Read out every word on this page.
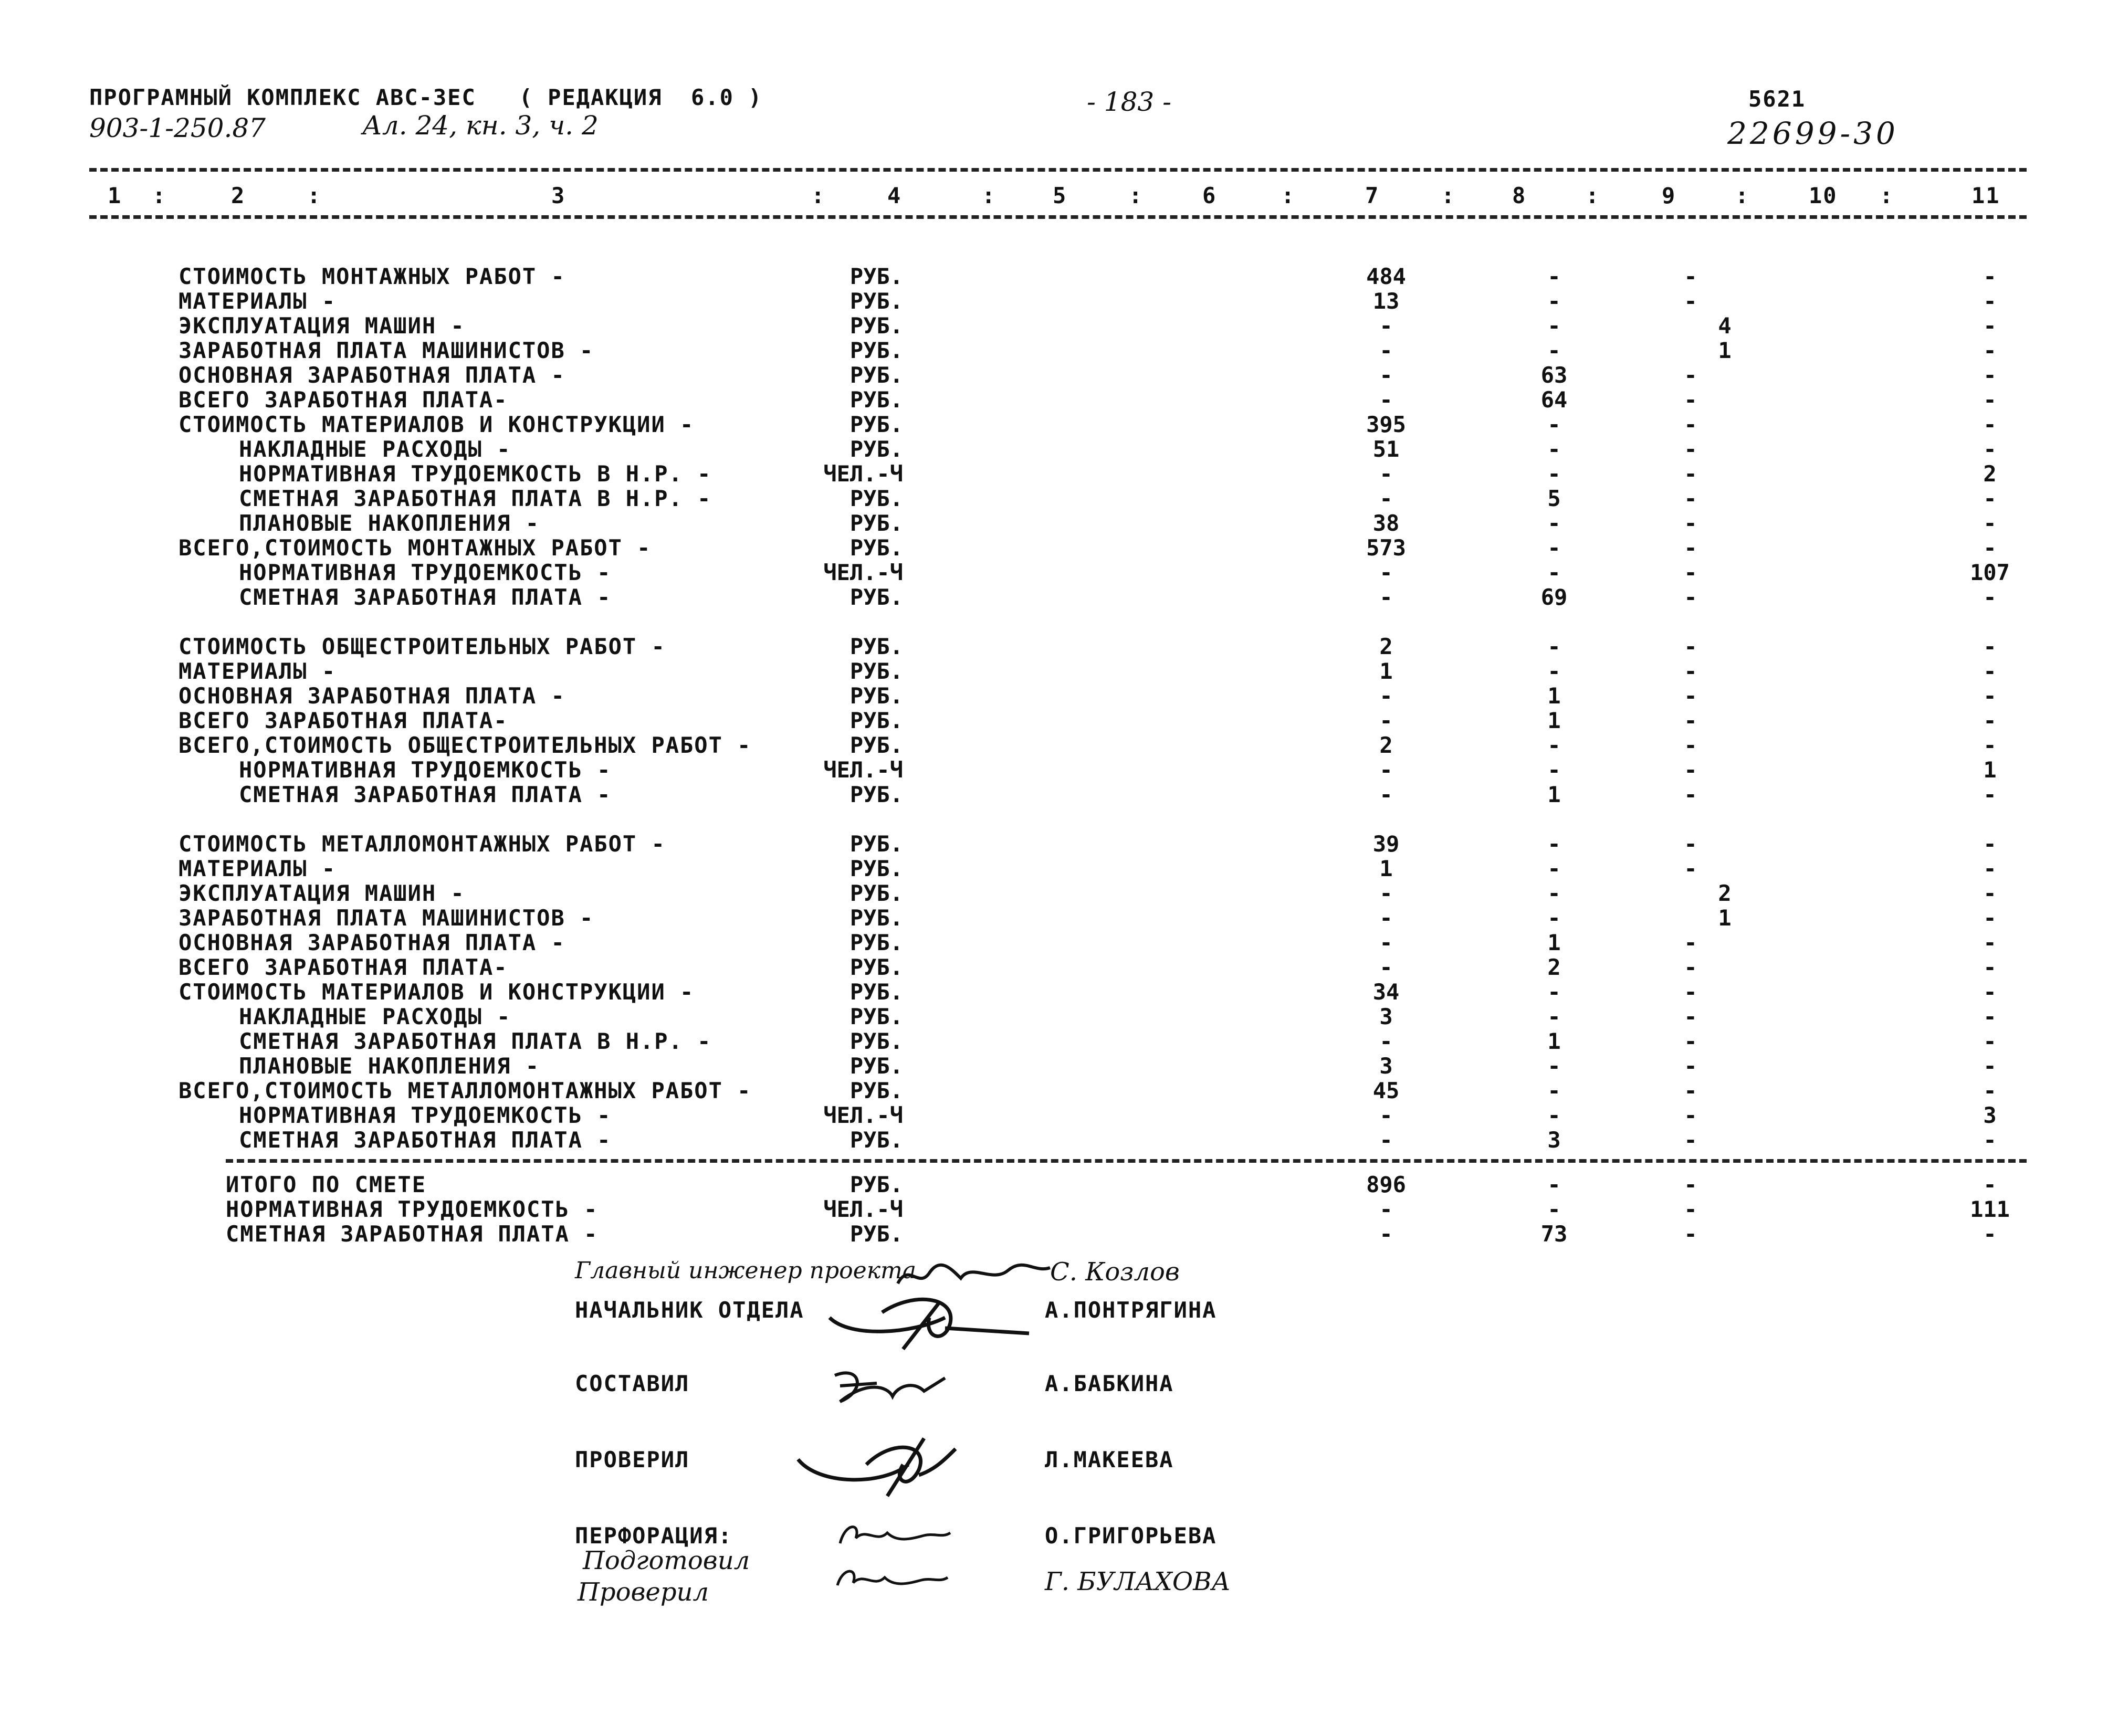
ПРОГРАМНЫЙ КОМПЛЕКС АВС-ЗЕС   ( РЕДАКЦИЯ  6.0 )
903-1-250.87	Ал. 24, кн. 3, ч. 2
- 183 -	5621
22699-30
1 :	2	:	3	:	4	:	5	:	6	:	7	:	8	:	9	:	10 :	11
СТОИМОСТЬ МОНТАЖНЫХ РАБОТ -	РУБ.	484	-	-	-
МАТЕРИАЛЫ -	РУБ.	13	-	-	-
ЭКСПЛУАТАЦИЯ МАШИН -	РУБ.	-	-	4	-
ЗАРАБОТНАЯ ПЛАТА МАШИНИСТОВ -	РУБ.	-	-	1	-
ОСНОВНАЯ ЗАРАБОТНАЯ ПЛАТА -	РУБ.	-	63	-	-
ВСЕГО ЗАРАБОТНАЯ ПЛАТА-	РУБ.	-	64	-	-
СТОИМОСТЬ МАТЕРИАЛОВ И КОНСТРУКЦИИ -	РУБ.	395	-	-	-
НАКЛАДНЫЕ РАСХОДЫ -	РУБ.	51	-	-	-
НОРМАТИВНАЯ ТРУДОЕМКОСТЬ В Н.Р. -	ЧЕЛ.-Ч	-	-	-	2
СМЕТНАЯ ЗАРАБОТНАЯ ПЛАТА В Н.Р. -	РУБ.	-	5	-	-
ПЛАНОВЫЕ НАКОПЛЕНИЯ -	РУБ.	38	-	-	-
ВСЕГО,СТОИМОСТЬ МОНТАЖНЫХ РАБОТ -	РУБ.	573	-	-	-
НОРМАТИВНАЯ ТРУДОЕМКОСТЬ -	ЧЕЛ.-Ч	-	-	-	107
СМЕТНАЯ ЗАРАБОТНАЯ ПЛАТА -	РУБ.	-	69	-	-
СТОИМОСТЬ ОБЩЕСТРОИТЕЛЬНЫХ РАБОТ -	РУБ.	2	-	-	-
МАТЕРИАЛЫ -	РУБ.	1	-	-	-
ОСНОВНАЯ ЗАРАБОТНАЯ ПЛАТА -	РУБ.	-	1	-	-
ВСЕГО ЗАРАБОТНАЯ ПЛАТА-	РУБ.	-	1	-	-
ВСЕГО,СТОИМОСТЬ ОБЩЕСТРОИТЕЛЬНЫХ РАБОТ -	РУБ.	2	-	-	-
НОРМАТИВНАЯ ТРУДОЕМКОСТЬ -	ЧЕЛ.-Ч	-	-	-	1
СМЕТНАЯ ЗАРАБОТНАЯ ПЛАТА -	РУБ.	-	1	-	-
СТОИМОСТЬ МЕТАЛЛОМОНТАЖНЫХ РАБОТ -	РУБ.	39	-	-	-
МАТЕРИАЛЫ -	РУБ.	1	-	-	-
ЭКСПЛУАТАЦИЯ МАШИН -	РУБ.	-	-	2	-
ЗАРАБОТНАЯ ПЛАТА МАШИНИСТОВ -	РУБ.	-	-	1	-
ОСНОВНАЯ ЗАРАБОТНАЯ ПЛАТА -	РУБ.	-	1	-	-
ВСЕГО ЗАРАБОТНАЯ ПЛАТА-	РУБ.	-	2	-	-
СТОИМОСТЬ МАТЕРИАЛОВ И КОНСТРУКЦИИ -	РУБ.	34	-	-	-
НАКЛАДНЫЕ РАСХОДЫ -	РУБ.	3	-	-	-
СМЕТНАЯ ЗАРАБОТНАЯ ПЛАТА В Н.Р. -	РУБ.	-	1	-	-
ПЛАНОВЫЕ НАКОПЛЕНИЯ -	РУБ.	3	-	-	-
ВСЕГО,СТОИМОСТЬ МЕТАЛЛОМОНТАЖНЫХ РАБОТ -	РУБ.	45	-	-	-
НОРМАТИВНАЯ ТРУДОЕМКОСТЬ -	ЧЕЛ.-Ч	-	-	-	3
СМЕТНАЯ ЗАРАБОТНАЯ ПЛАТА -	РУБ.	-	3	-	-
ИТОГО ПО СМЕТЕ	РУБ.	896	-	-	-
НОРМАТИВНАЯ ТРУДОЕМКОСТЬ -	ЧЕЛ.-Ч	-	-	-	111
СМЕТНАЯ ЗАРАБОТНАЯ ПЛАТА -	РУБ.	-	73	-	-
Главный инженер проекта	С. Козлов
НАЧАЛЬНИК ОТДЕЛА	А.ПОНТРЯГИНА
СОСТАВИЛ	А.БАБКИНА
ПРОВЕРИЛ	Л.МАКЕЕВА
ПЕРФОРАЦИЯ:
Подготовил
Проверил
О.ГРИГОРЬЕВА
Г. БУЛАХОВА
